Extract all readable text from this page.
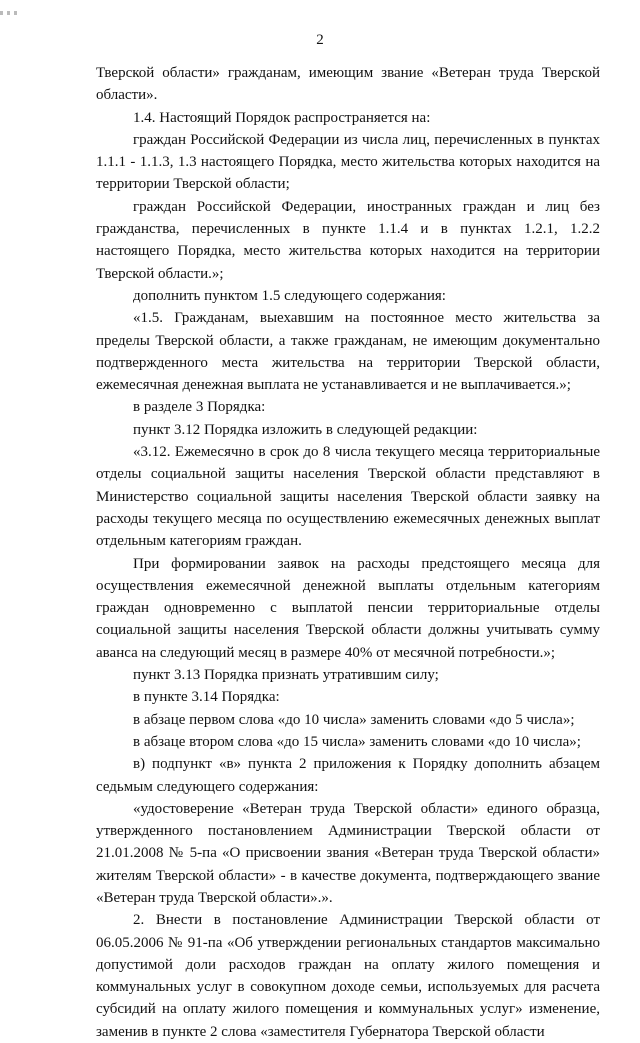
2

Тверской области» гражданам, имеющим звание «Ветеран труда Тверской области».

1.4. Настоящий Порядок распространяется на:

граждан Российской Федерации из числа лиц, перечисленных в пунктах 1.1.1 - 1.1.3, 1.3 настоящего Порядка, место жительства которых находится на территории Тверской области;

граждан Российской Федерации, иностранных граждан и лиц без гражданства, перечисленных в пункте 1.1.4 и в пунктах 1.2.1, 1.2.2 настоящего Порядка, место жительства которых находится на территории Тверской области.»;

дополнить пунктом 1.5 следующего содержания:

«1.5. Гражданам, выехавшим на постоянное место жительства за пределы Тверской области, а также гражданам, не имеющим документально подтвержденного места жительства на территории Тверской области, ежемесячная денежная выплата не устанавливается и не выплачивается.»;

в разделе 3 Порядка:

пункт 3.12 Порядка изложить в следующей редакции:

«3.12. Ежемесячно в срок до 8 числа текущего месяца территориальные отделы социальной защиты населения Тверской области представляют в Министерство социальной защиты населения Тверской области заявку на расходы текущего месяца по осуществлению ежемесячных денежных выплат отдельным категориям граждан.

При формировании заявок на расходы предстоящего месяца для осуществления ежемесячной денежной выплаты отдельным категориям граждан одновременно с выплатой пенсии территориальные отделы социальной защиты населения Тверской области должны учитывать сумму аванса на следующий месяц в размере 40% от месячной потребности.»;

пункт 3.13 Порядка признать утратившим силу;

в пункте 3.14 Порядка:

в абзаце первом слова «до 10 числа» заменить словами «до 5 числа»;

в абзаце втором слова «до 15 числа» заменить словами «до 10 числа»;

в) подпункт «в» пункта 2 приложения к Порядку дополнить абзацем седьмым следующего содержания:

«удостоверение «Ветеран труда Тверской области» единого образца, утвержденного постановлением Администрации Тверской области от 21.01.2008 № 5-па «О присвоении звания «Ветеран труда Тверской области» жителям Тверской области» - в качестве документа, подтверждающего звание «Ветеран труда Тверской области».».

2. Внести в постановление Администрации Тверской области от 06.05.2006 № 91-па «Об утверждении региональных стандартов максимально допустимой доли расходов граждан на оплату жилого помещения и коммунальных услуг в совокупном доходе семьи, используемых для расчета субсидий на оплату жилого помещения и коммунальных услуг» изменение, заменив в пункте 2 слова «заместителя Губернатора Тверской области
